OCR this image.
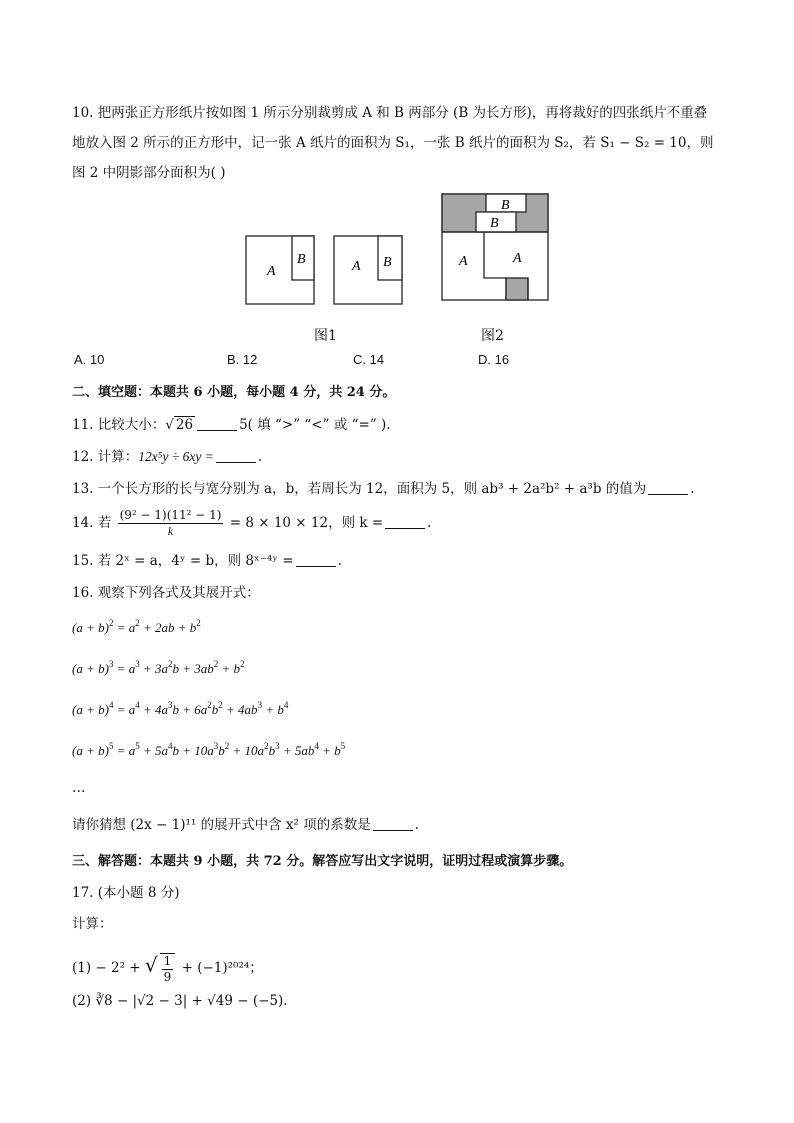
10. 把两张正方形纸片按如图 1 所示分别裁剪成 A 和 B 两部分 (B 为长方形)，再将裁好的四张纸片不重叠
地放入图 2 所示的正方形中，记一张 A 纸片的面积为 S₁，一张 B 纸片的面积为 S₂，若 S₁ − S₂ = 10，则
图 2 中阴影部分面积为( )
A
B	A B
B
B
A	A
图1	图2
A. 10	B. 12	C. 14	D. 16
二、填空题：本题共 6 小题，每小题 4 分，共 24 分。
11. 比较大小：√ 26	5( 填 “>” “<” 或 “=” ).
12. 计算：12x⁵y ÷ 6xy =	.
13. 一个长方形的长与宽分别为 a，b，若周长为 12，面积为 5，则 ab³ + 2a²b² + a³b 的值为	.
14. 若 $\frac{\text{(9² − 1)(11² − 1)}}{k} = 8 \times 10 \times 12$，则 k =	.
15. 若 2ˣ = a，4ʸ = b，则 8ˣ⁻⁴ʸ =	.
16. 观察下列各式及其展开式：
$(a + b)^2 = a^2 + 2ab + b^2$
$(a + b)^3 = a^3 + 3a^2b + 3ab^2 + b^2$
$(a + b)^4 = a^4 + 4a^3b + 6a^2b^2 + 4ab^3 + b^4$
$(a + b)^5 = a^5 + 5a^4b + 10a^3b^2 + 10a^2b^3 + 5ab^4 + b^5$
…
请你猜想 (2x − 1)¹¹ 的展开式中含 x² 项的系数是	.
三、解答题：本题共 9 小题，共 72 分。解答应写出文字说明，证明过程或演算步骤。
17. (本小题 8 分)
计算：
(1) − 2² + √ $\frac{1}{9} + (-1)^{2024}$；
(2) ∛8 − |√2 − 3| + √49 − (−5).
